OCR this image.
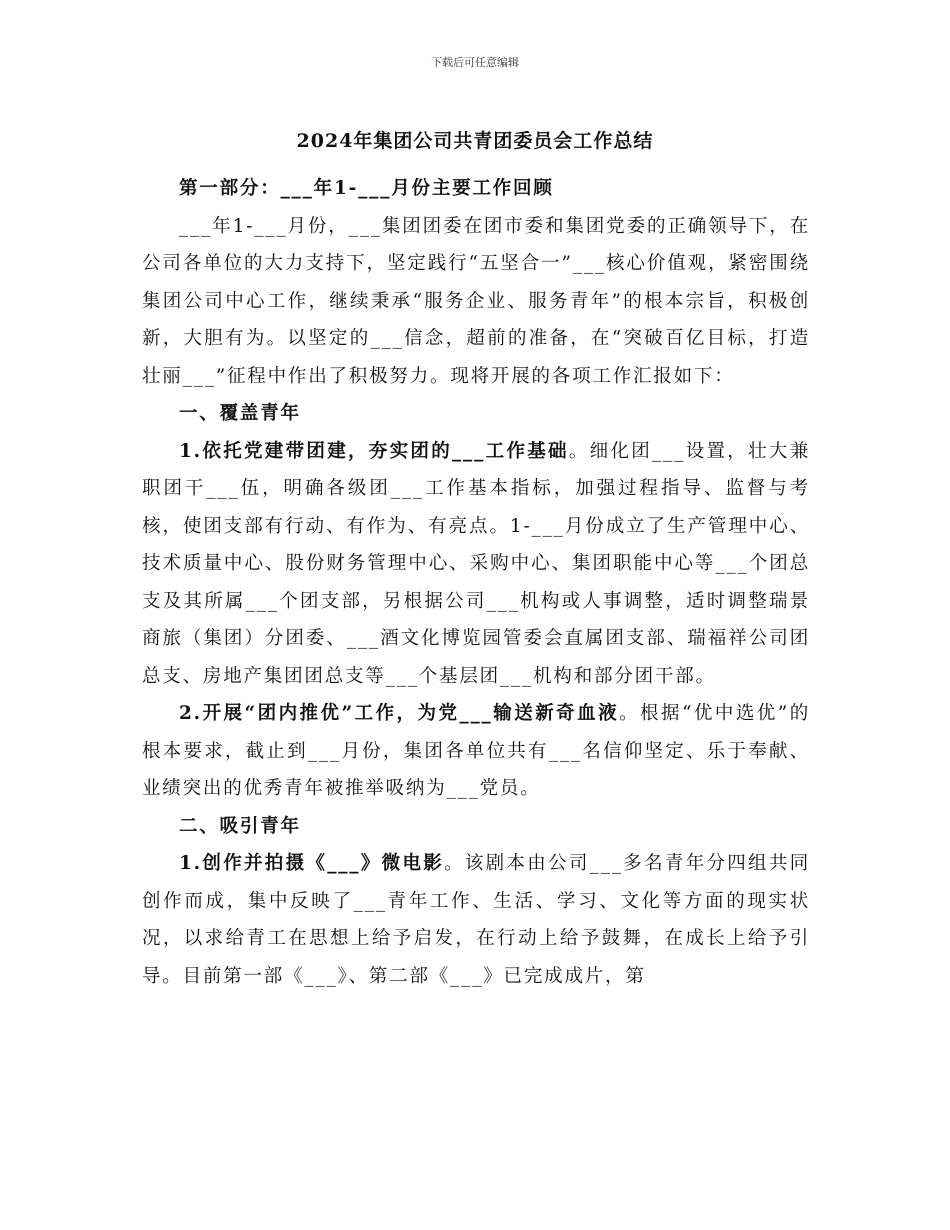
下载后可任意编辑
2024年集团公司共青团委员会工作总结

第一部分：___年1-___月份主要工作回顾

___年1-___月份，___集团团委在团市委和集团党委的正确领导下，在公司各单位的大力支持下，坚定践行“五坚合一”___核心价值观，紧密围绕集团公司中心工作，继续秉承“服务企业、服务青年”的根本宗旨，积极创新，大胆有为。以坚定的___信念，超前的准备，在“突破百亿目标，打造壮丽___”征程中作出了积极努力。现将开展的各项工作汇报如下：

一、覆盖青年

1.依托党建带团建，夯实团的___工作基础。细化团___设置，壮大兼职团干___伍，明确各级团___工作基本指标，加强过程指导、监督与考核，使团支部有行动、有作为、有亮点。1-___月份成立了生产管理中心、技术质量中心、股份财务管理中心、采购中心、集团职能中心等___个团总支及其所属___个团支部，另根据公司___机构或人事调整，适时调整瑞景商旅（集团）分团委、___酒文化博览园管委会直属团支部、瑞福祥公司团总支、房地产集团团总支等___个基层团___机构和部分团干部。

2.开展“团内推优”工作，为党___输送新奇血液。根据“优中选优”的根本要求，截止到___月份，集团各单位共有___名信仰坚定、乐于奉献、业绩突出的优秀青年被推举吸纳为___党员。

二、吸引青年

1.创作并拍摄《___》微电影。该剧本由公司___多名青年分四组共同创作而成，集中反映了___青年工作、生活、学习、文化等方面的现实状况，以求给青工在思想上给予启发，在行动上给予鼓舞，在成长上给予引导。目前第一部《___》、第二部《___》已完成成片，第
